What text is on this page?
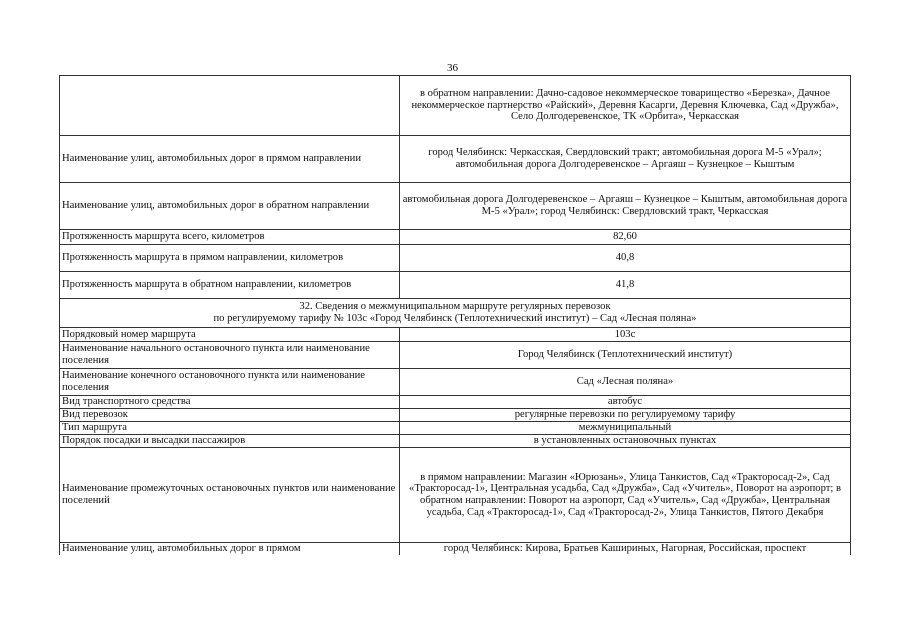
36
	в обратном направлении: Дачно-садовое некоммерческое товарищество «Березка», Дачное некоммерческое партнерство «Райский», Деревня Касарги, Деревня Ключевка, Сад «Дружба», Село Долгодеревенское, ТК «Орбита», Черкасская
Наименование улиц, автомобильных дорог в прямом направлении	город Челябинск: Черкасская, Свердловский тракт; автомобильная дорога М-5 «Урал»; автомобильная дорога Долгодеревенское – Аргаяш – Кузнецкое – Кыштым
Наименование улиц, автомобильных дорог в обратном направлении	автомобильная дорога Долгодеревенское – Аргаяш – Кузнецкое – Кыштым, автомобильная дорога М-5 «Урал»; город Челябинск: Свердловский тракт, Черкасская
Протяженность маршрута всего, километров	82,60
Протяженность маршрута в прямом направлении, километров	40,8
Протяженность маршрута в обратном направлении, километров	41,8

32. Сведения о межмуниципальном маршруте регулярных перевозок
по регулируемому тарифу № 103с «Город Челябинск (Теплотехнический институт) – Сад «Лесная поляна»	

Порядковый номер маршрута	103с
Наименование начального остановочного пункта или наименование поселения	Город Челябинск (Теплотехнический институт)
Наименование конечного остановочного пункта или наименование поселения	Сад «Лесная поляна»
Вид транспортного средства	автобус
Вид перевозок	регулярные перевозки по регулируемому тарифу
Тип маршрута	межмуниципальный
Порядок посадки и высадки пассажиров	в установленных остановочных пунктах
Наименование промежуточных остановочных пунктов или наименование поселений	в прямом направлении: Магазин «Юрюзань», Улица Танкистов, Сад «Тракторосад-2», Сад «Тракторосад-1», Центральная усадьба, Сад «Дружба», Сад «Учитель», Поворот на аэропорт; в обратном направлении: Поворот на аэропорт, Сад «Учитель», Сад «Дружба», Центральная усадьба, Сад «Тракторосад-1», Сад «Тракторосад-2», Улица Танкистов, Пятого Декабря
Наименование улиц, автомобильных дорог в прямом	город Челябинск: Кирова, Братьев Кашириных, Нагорная, Российская, проспект
